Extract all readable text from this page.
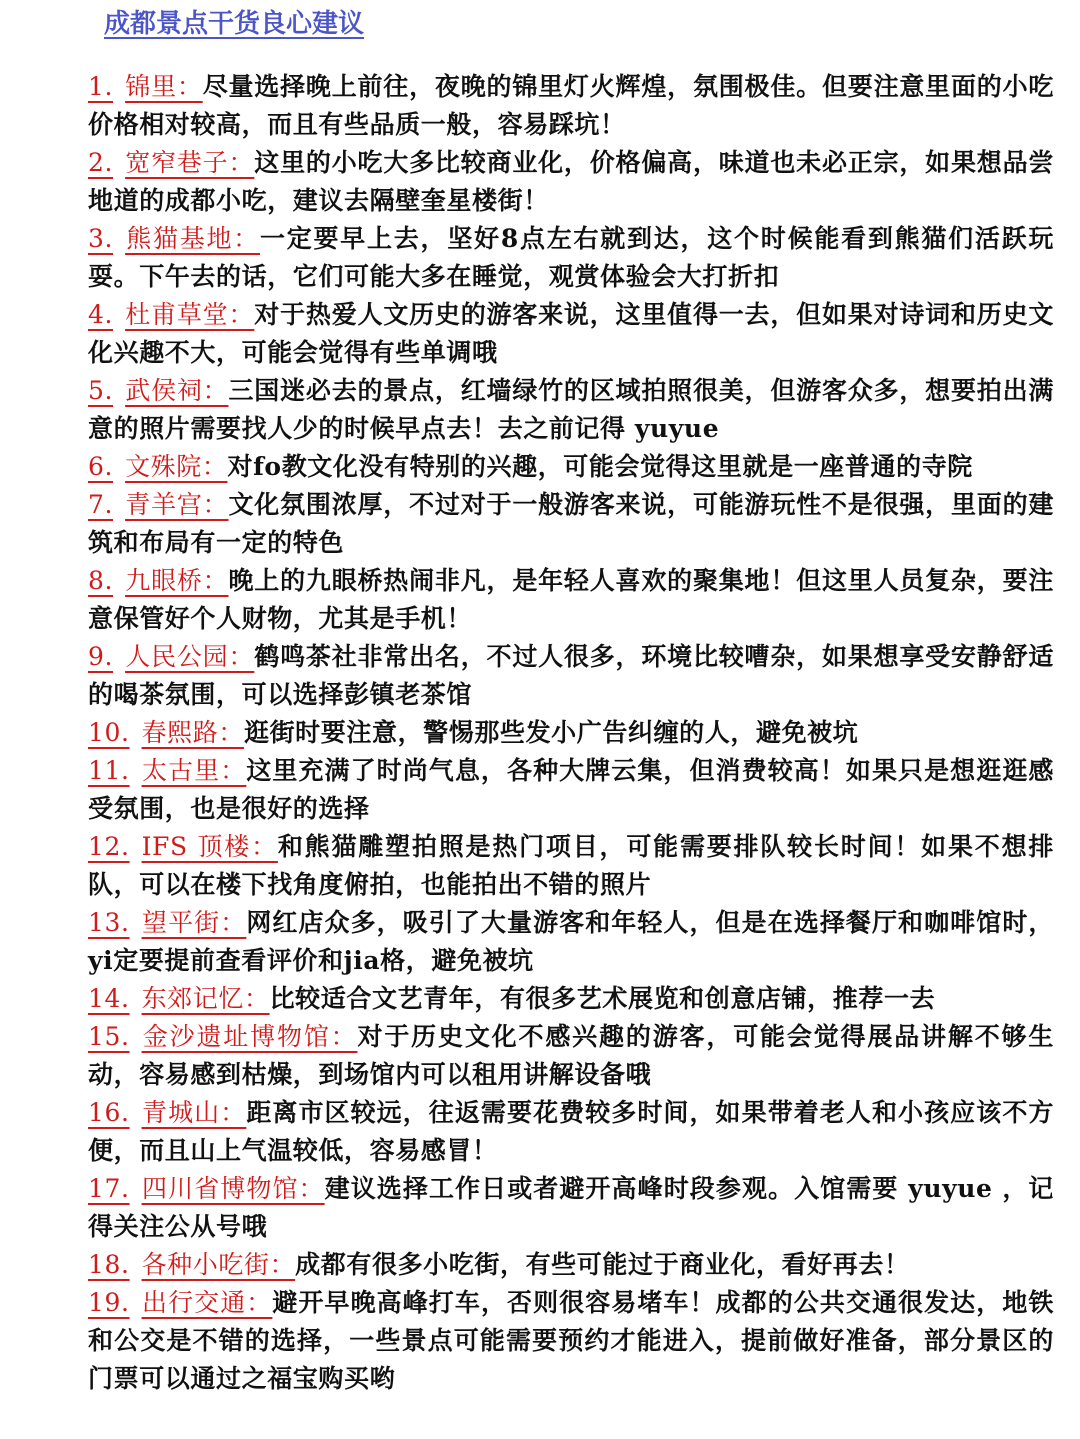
成都景点干货良心建议
1. 锦里：尽量选择晚上前往，夜晚的锦里灯火辉煌，氛围极佳。但要注意里面的小吃价格相对较高，而且有些品质一般，容易踩坑！
2. 宽窄巷子：这里的小吃大多比较商业化，价格偏高，味道也未必正宗，如果想品尝地道的成都小吃，建议去隔壁奎星楼街！
3. 熊猫基地：一定要早上去，坚好8点左右就到达，这个时候能看到熊猫们活跃玩耍。下午去的话，它们可能大多在睡觉，观赏体验会大打折扣
4. 杜甫草堂：对于热爱人文历史的游客来说，这里值得一去，但如果对诗词和历史文化兴趣不大，可能会觉得有些单调哦
5. 武侯祠：三国迷必去的景点，红墙绿竹的区域拍照很美，但游客众多，想要拍出满意的照片需要找人少的时候早点去！去之前记得 yuyue
6. 文殊院：对fo教文化没有特别的兴趣，可能会觉得这里就是一座普通的寺院
7. 青羊宫：文化氛围浓厚，不过对于一般游客来说，可能游玩性不是很强，里面的建筑和布局有一定的特色
8. 九眼桥：晚上的九眼桥热闹非凡，是年轻人喜欢的聚集地！但这里人员复杂，要注意保管好个人财物，尤其是手机！
9. 人民公园：鹤鸣茶社非常出名，不过人很多，环境比较嘈杂，如果想享受安静舒适的喝茶氛围，可以选择彭镇老茶馆
10. 春熙路：逛街时要注意，警惕那些发小广告纠缠的人，避免被坑
11. 太古里：这里充满了时尚气息，各种大牌云集，但消费较高！如果只是想逛逛感受氛围，也是很好的选择
12. IFS 顶楼：和熊猫雕塑拍照是热门项目，可能需要排队较长时间！如果不想排队，可以在楼下找角度俯拍，也能拍出不错的照片
13. 望平街：网红店众多，吸引了大量游客和年轻人，但是在选择餐厅和咖啡馆时，yi定要提前查看评价和jia格，避免被坑
14. 东郊记忆：比较适合文艺青年，有很多艺术展览和创意店铺，推荐一去
15. 金沙遗址博物馆：对于历史文化不感兴趣的游客，可能会觉得展品讲解不够生动，容易感到枯燥，到场馆内可以租用讲解设备哦
16. 青城山：距离市区较远，往返需要花费较多时间，如果带着老人和小孩应该不方便，而且山上气温较低，容易感冒！
17. 四川省博物馆：建议选择工作日或者避开高峰时段参观。入馆需要 yuyue ，记得关注公从号哦
18. 各种小吃街：成都有很多小吃街，有些可能过于商业化，看好再去！
19. 出行交通：避开早晚高峰打车，否则很容易堵车！成都的公共交通很发达，地铁和公交是不错的选择，一些景点可能需要预约才能进入，提前做好准备，部分景区的门票可以通过之福宝购买哟
